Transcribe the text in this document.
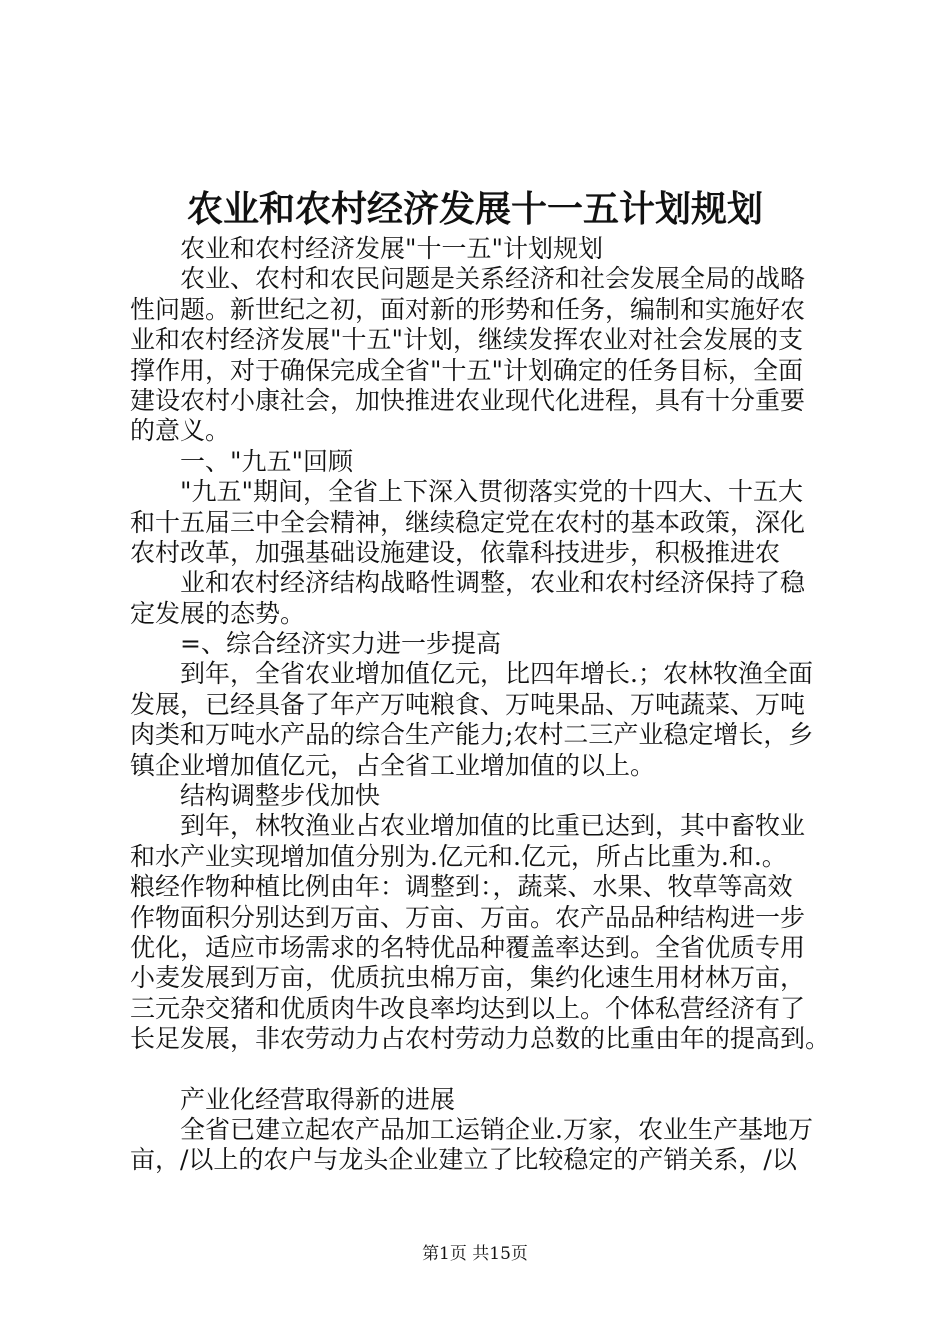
农业和农村经济发展十一五计划规划
农业和农村经济发展"十一五"计划规划
农业、农村和农民问题是关系经济和社会发展全局的战略
性问题。新世纪之初，面对新的形势和任务，编制和实施好农
业和农村经济发展"十五"计划，继续发挥农业对社会发展的支
撑作用，对于确保完成全省"十五"计划确定的任务目标，全面
建设农村小康社会，加快推进农业现代化进程，具有十分重要
的意义。
一、"九五"回顾
"九五"期间，全省上下深入贯彻落实党的十四大、十五大
和十五届三中全会精神，继续稳定党在农村的基本政策，深化
农村改革，加强基础设施建设，依靠科技进步，积极推进农
业和农村经济结构战略性调整，农业和农村经济保持了稳
定发展的态势。
=、综合经济实力进一步提高
到年，全省农业增加值亿元，比四年增长.；农林牧渔全面
发展，已经具备了年产万吨粮食、万吨果品、万吨蔬菜、万吨
肉类和万吨水产品的综合生产能力;农村二三产业稳定增长，乡
镇企业增加值亿元，占全省工业增加值的以上。
结构调整步伐加快
到年，林牧渔业占农业增加值的比重已达到，其中畜牧业
和水产业实现增加值分别为.亿元和.亿元，所占比重为.和.。
粮经作物种植比例由年：调整到：，蔬菜、水果、牧草等高效
作物面积分别达到万亩、万亩、万亩。农产品品种结构进一步
优化，适应市场需求的名特优品种覆盖率达到。全省优质专用
小麦发展到万亩，优质抗虫棉万亩，集约化速生用材林万亩，
三元杂交猪和优质肉牛改良率均达到以上。个体私营经济有了
长足发展，非农劳动力占农村劳动力总数的比重由年的提高到。
产业化经营取得新的进展
全省已建立起农产品加工运销企业.万家，农业生产基地万
亩，/以上的农户与龙头企业建立了比较稳定的产销关系，/以
第1页 共15页
